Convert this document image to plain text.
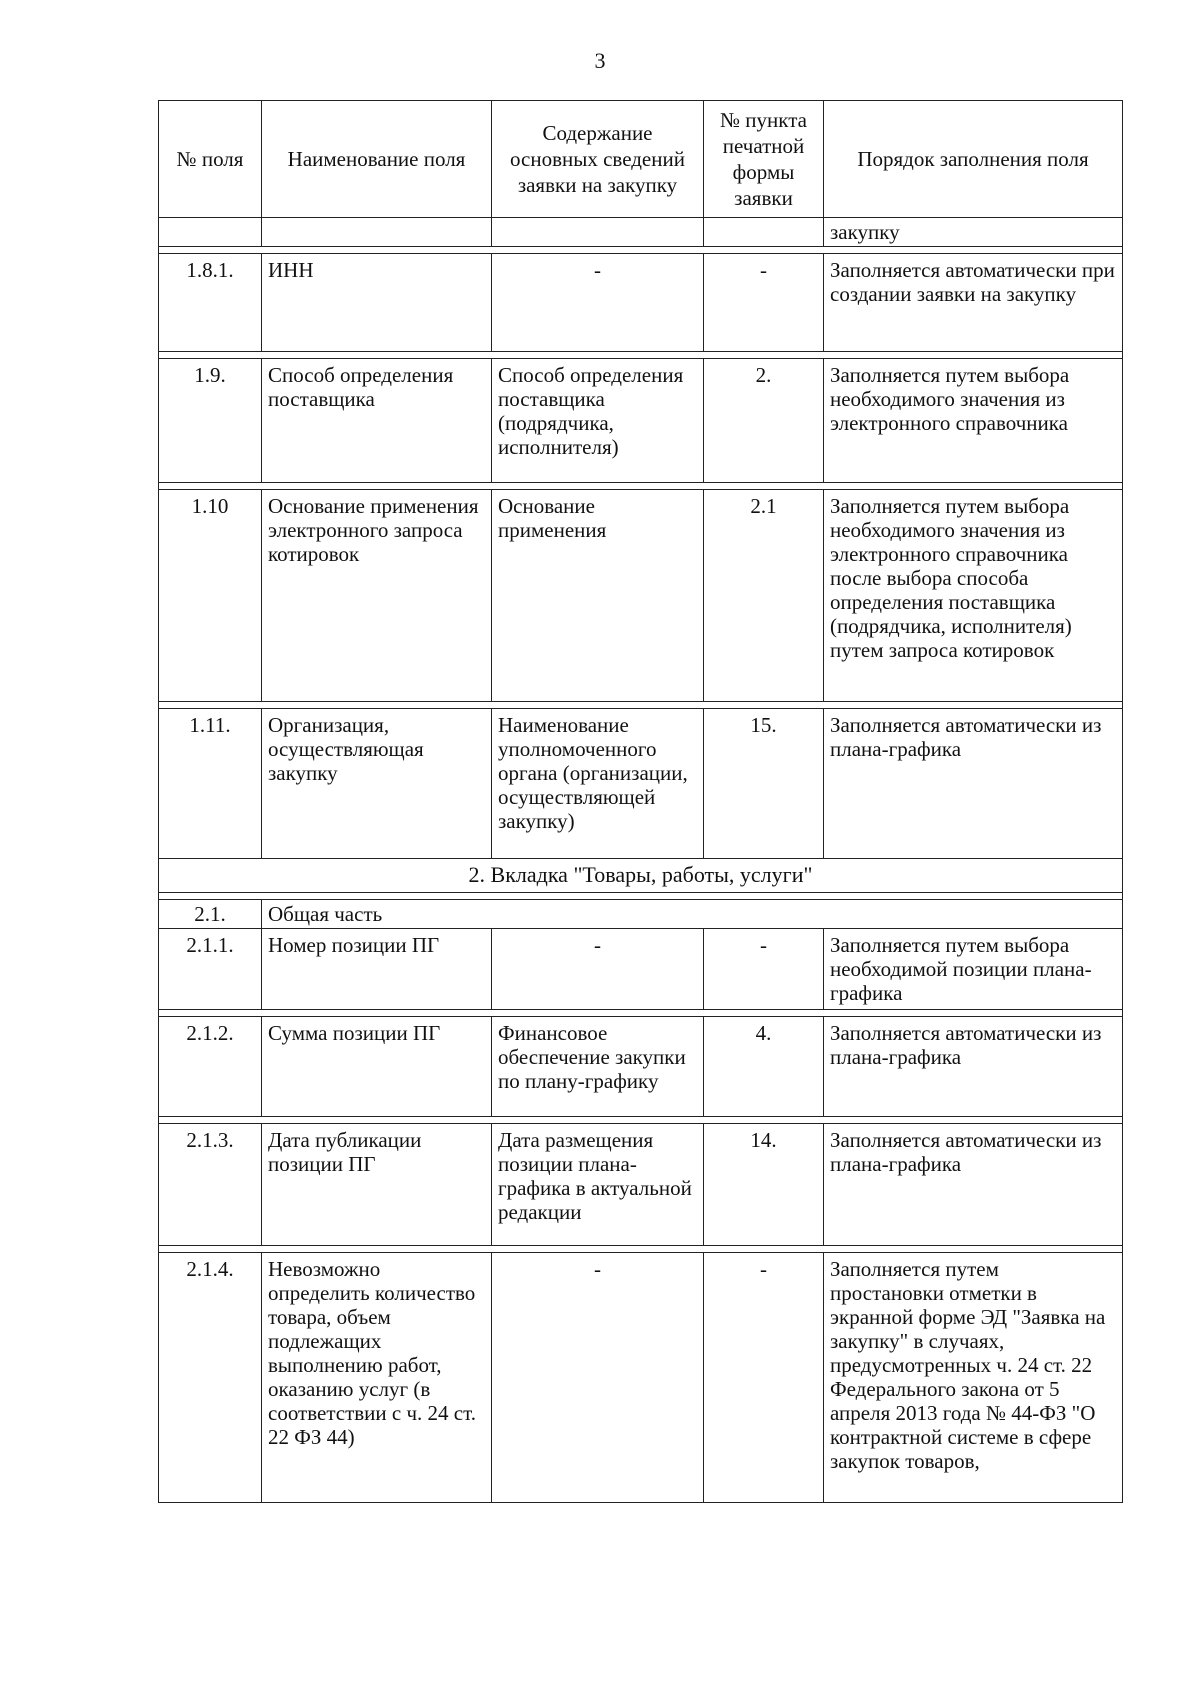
3
№ поля	Наименование поля	Содержание основных сведений заявки на закупку	№ пункта печатной формы заявки	Порядок заполнения поля
				закупку

1.8.1.	ИНН	-	-	Заполняется автоматически при создании заявки на закупку

1.9.	Способ определения поставщика	Способ определения поставщика (подрядчика, исполнителя)	2.	Заполняется путем выбора необходимого значения из электронного справочника

1.10	Основание применения электронного запроса котировок	Основание применения	2.1	Заполняется путем выбора необходимого значения из электронного справочника после выбора способа определения поставщика (подрядчика, исполнителя) путем запроса котировок

1.11.	Организация, осуществляющая закупку	Наименование уполномоченного органа (организации, осуществляющей закупку)	15.	Заполняется автоматически из плана-графика
2. Вкладка "Товары, работы, услуги"				

2.1.	Общая часть			
2.1.1.	Номер позиции ПГ	-	-	Заполняется путем выбора необходимой позиции плана-графика

2.1.2.	Сумма позиции ПГ	Финансовое обеспечение закупки по плану-графику	4.	Заполняется автоматически из плана-графика

2.1.3.	Дата публикации позиции ПГ	Дата размещения позиции плана-графика в актуальной редакции	14.	Заполняется автоматически из плана-графика

2.1.4.	Невозможно определить количество товара, объем подлежащих выполнению работ, оказанию услуг (в соответствии с ч. 24 ст. 22 ФЗ 44)	-	-	Заполняется путем простановки отметки в экранной форме ЭД "Заявка на закупку" в случаях, предусмотренных ч. 24 ст. 22 Федерального закона от 5 апреля 2013 года № 44-ФЗ "О контрактной системе в сфере закупок товаров,
